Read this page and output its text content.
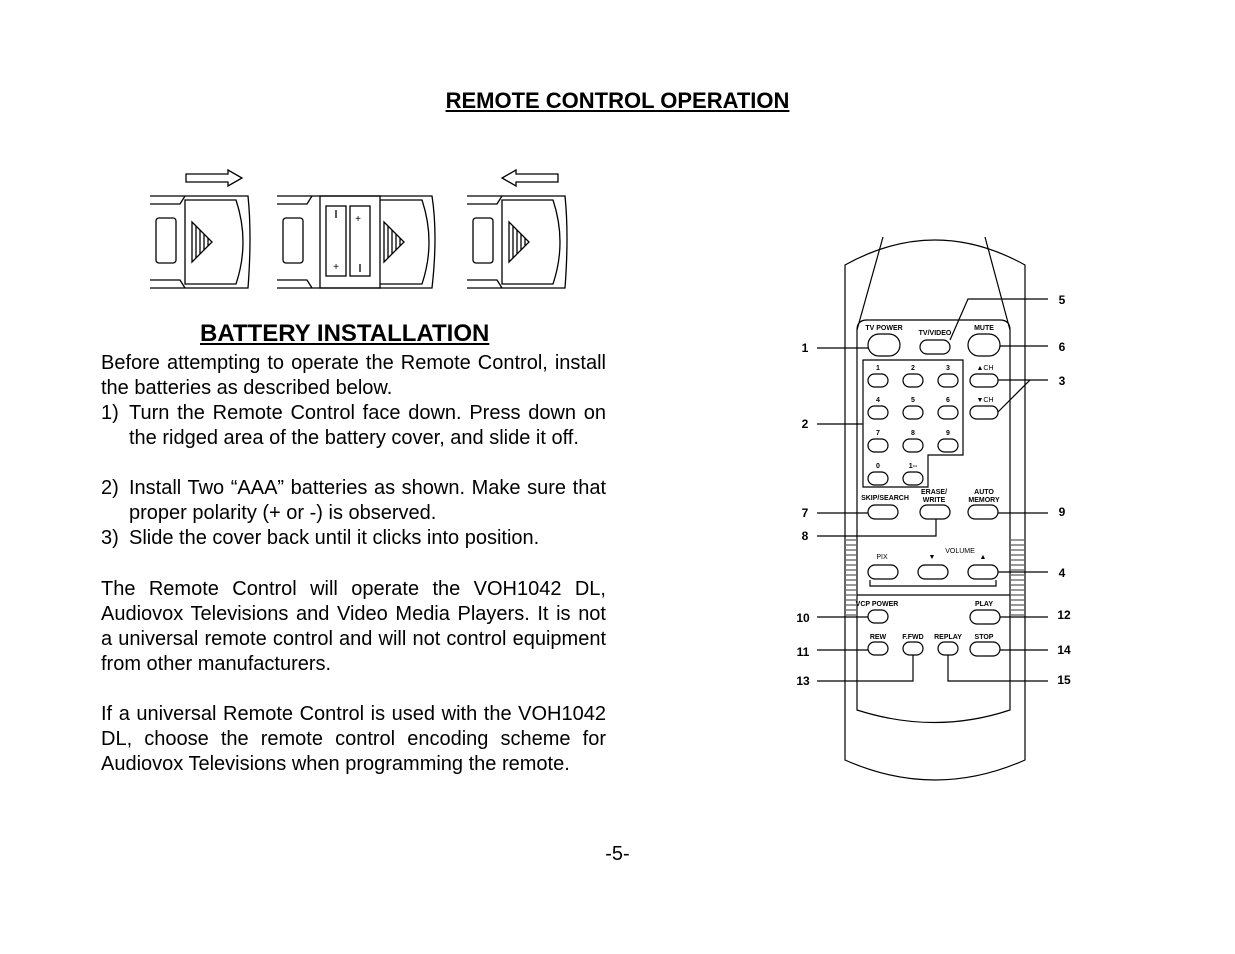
REMOTE CONTROL OPERATION
+
+
BATTERY INSTALLATION
Before attempting to operate the Remote Control, install the batteries as described below.
1) Turn the Remote Control face down. Press down on the ridged area of the battery cover, and slide it off.
2) Install Two “AAA” batteries as shown. Make sure that proper polarity (+ or -) is observed.
3) Slide the cover back until it clicks into position.
The Remote Control will operate the VOH1042 DL, Audiovox Televisions and Video Media Players. It is not a universal remote control and will not control equipment from other manufacturers.
If a universal Remote Control is used with the VOH1042 DL, choose the remote control encoding scheme for Audiovox Televisions when programming the remote.
TV POWER
TV/VIDEO
MUTE
1	2	3	▲CH
4	5	6	▼CH
7	8	9
0	1--
SKIP/SEARCH
ERASE/
WRITE
AUTO
MEMORY
PIX
VOLUME
▼	▲
VCP POWER	PLAY
REW F.FWD REPLAY STOP
1
2
7
8
10
11
13
5
6
3
9
4
12
14
15
-5-
